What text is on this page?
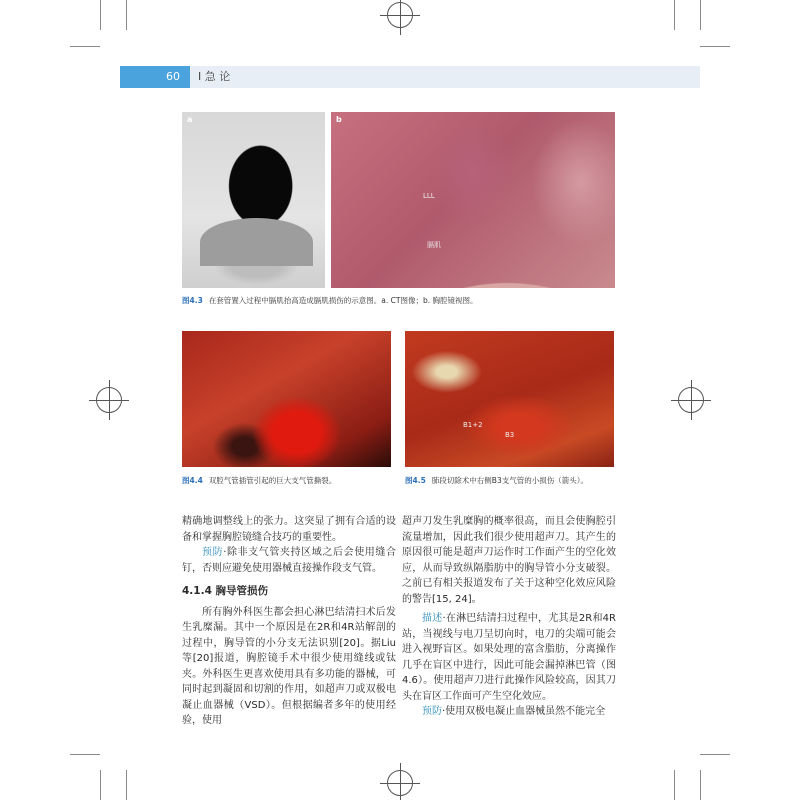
60	I 急 论
a	b
LLL
膈肌
图4.3 在套管置入过程中膈肌抬高造成膈肌损伤的示意图。a. CT图像；b. 胸腔镜视图。
图4.4 双腔气管插管引起的巨大支气管撕裂。
B1+2
B3
图4.5 肺段切除术中右侧B3支气管的小损伤（箭头）。

精确地调整线上的张力。这突显了拥有合适的设备和掌握胸腔镜缝合技巧的重要性。

预防·除非支气管夹持区域之后会使用缝合钉，否则应避免使用器械直接操作段支气管。

4.1.4 胸导管损伤

所有胸外科医生都会担心淋巴结清扫术后发生乳糜漏。其中一个原因是在2R和4R站解剖的过程中，胸导管的小分支无法识别[20]。据Liu等[20]报道，胸腔镜手术中很少使用缝线或钛夹。外科医生更喜欢使用具有多功能的器械，可同时起到凝固和切割的作用，如超声刀或双极电凝止血器械（VSD）。但根据编者多年的使用经验，使用

超声刀发生乳糜胸的概率很高，而且会使胸腔引流量增加，因此我们很少使用超声刀。其产生的原因很可能是超声刀运作时工作面产生的空化效应，从而导致纵隔脂肪中的胸导管小分支破裂。之前已有相关报道发布了关于这种空化效应风险的警告[15, 24]。

描述·在淋巴结清扫过程中，尤其是2R和4R站，当视线与电刀呈切向时，电刀的尖端可能会进入视野盲区。如果处理的富含脂肪，分离操作几乎在盲区中进行，因此可能会漏掉淋巴管（图4.6）。使用超声刀进行此操作风险较高，因其刀头在盲区工作面可产生空化效应。

预防·使用双极电凝止血器械虽然不能完全
